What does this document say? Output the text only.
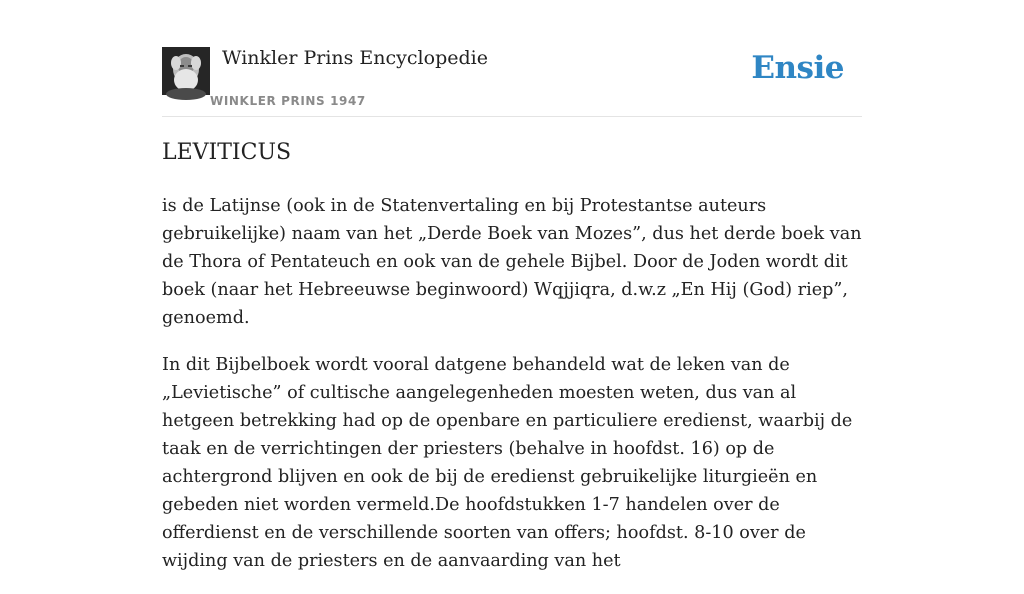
Winkler Prins Encyclopedie
WINKLER PRINS 1947
Ensie
LEVITICUS

is de Latijnse (ook in de Statenvertaling en bij Protestantse auteurs gebruikelijke) naam van het „Derde Boek van Mozes”, dus het derde boek van de Thora of Pentateuch en ook van de gehele Bijbel. Door de Joden wordt dit boek (naar het Hebreeuwse beginwoord) Wqjjiqra, d.w.z „En Hij (God) riep”, genoemd.

In dit Bijbelboek wordt vooral datgene behandeld wat de leken van de „Levietische” of cultische aangelegenheden moesten weten, dus van al hetgeen betrekking had op de openbare en particuliere eredienst, waarbij de taak en de verrichtingen der priesters (behalve in hoofdst. 16) op de achtergrond blijven en ook de bij de eredienst gebruikelijke liturgieën en gebeden niet worden vermeld.De hoofdstukken 1-7 handelen over de offerdienst en de verschillende soorten van offers; hoofdst. 8-10 over de wijding van de priesters en de aanvaarding van het
